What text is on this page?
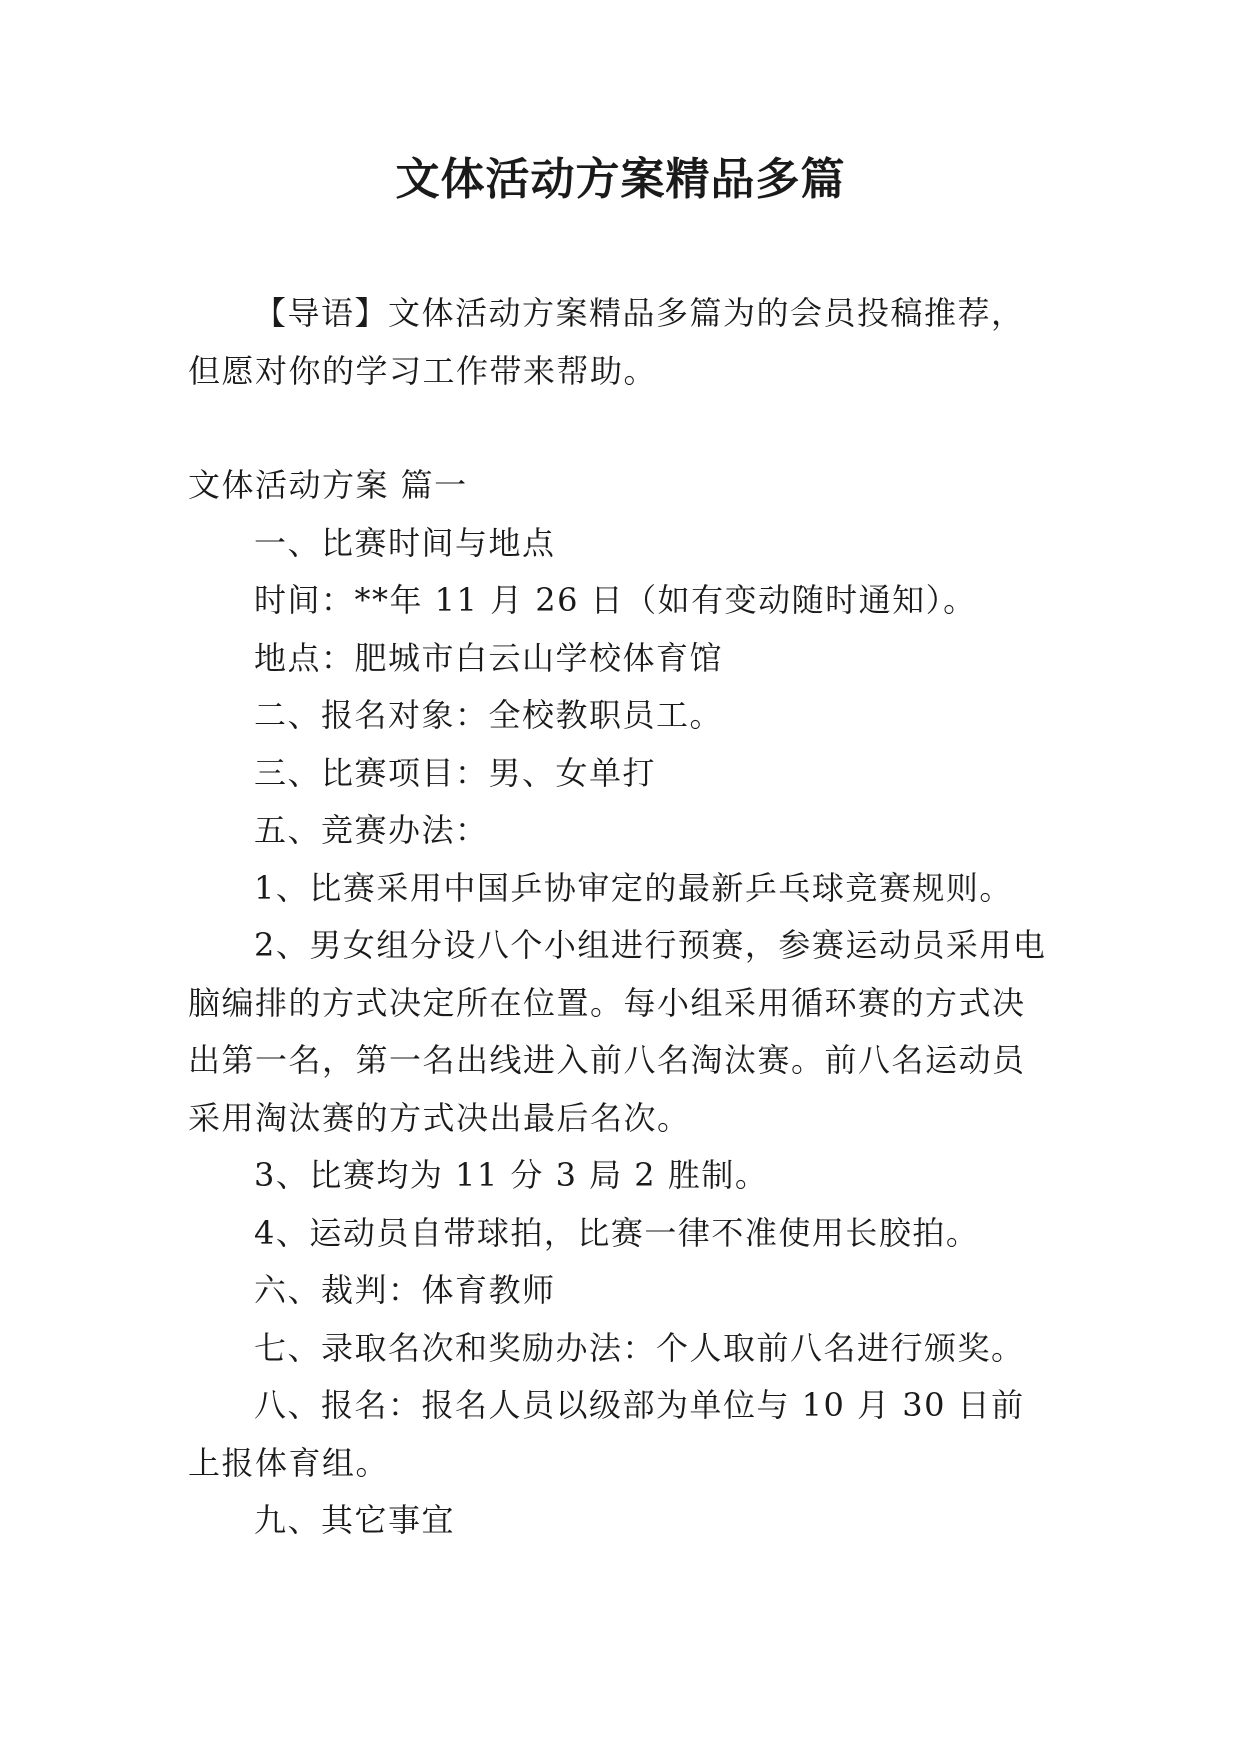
文体活动方案精品多篇

【导语】文体活动方案精品多篇为的会员投稿推荐，但愿对你的学习工作带来帮助。

文体活动方案 篇一

一、比赛时间与地点

时间：**年 11 月 26 日（如有变动随时通知）。

地点：肥城市白云山学校体育馆

二、报名对象：全校教职员工。

三、比赛项目：男、女单打

五、竞赛办法：

1、比赛采用中国乒协审定的最新乒乓球竞赛规则。

2、男女组分设八个小组进行预赛，参赛运动员采用电脑编排的方式决定所在位置。每小组采用循环赛的方式决出第一名，第一名出线进入前八名淘汰赛。前八名运动员采用淘汰赛的方式决出最后名次。

3、比赛均为 11 分 3 局 2 胜制。

4、运动员自带球拍，比赛一律不准使用长胶拍。

六、裁判：体育教师

七、录取名次和奖励办法：个人取前八名进行颁奖。

八、报名：报名人员以级部为单位与 10 月 30 日前上报体育组。

九、其它事宜
